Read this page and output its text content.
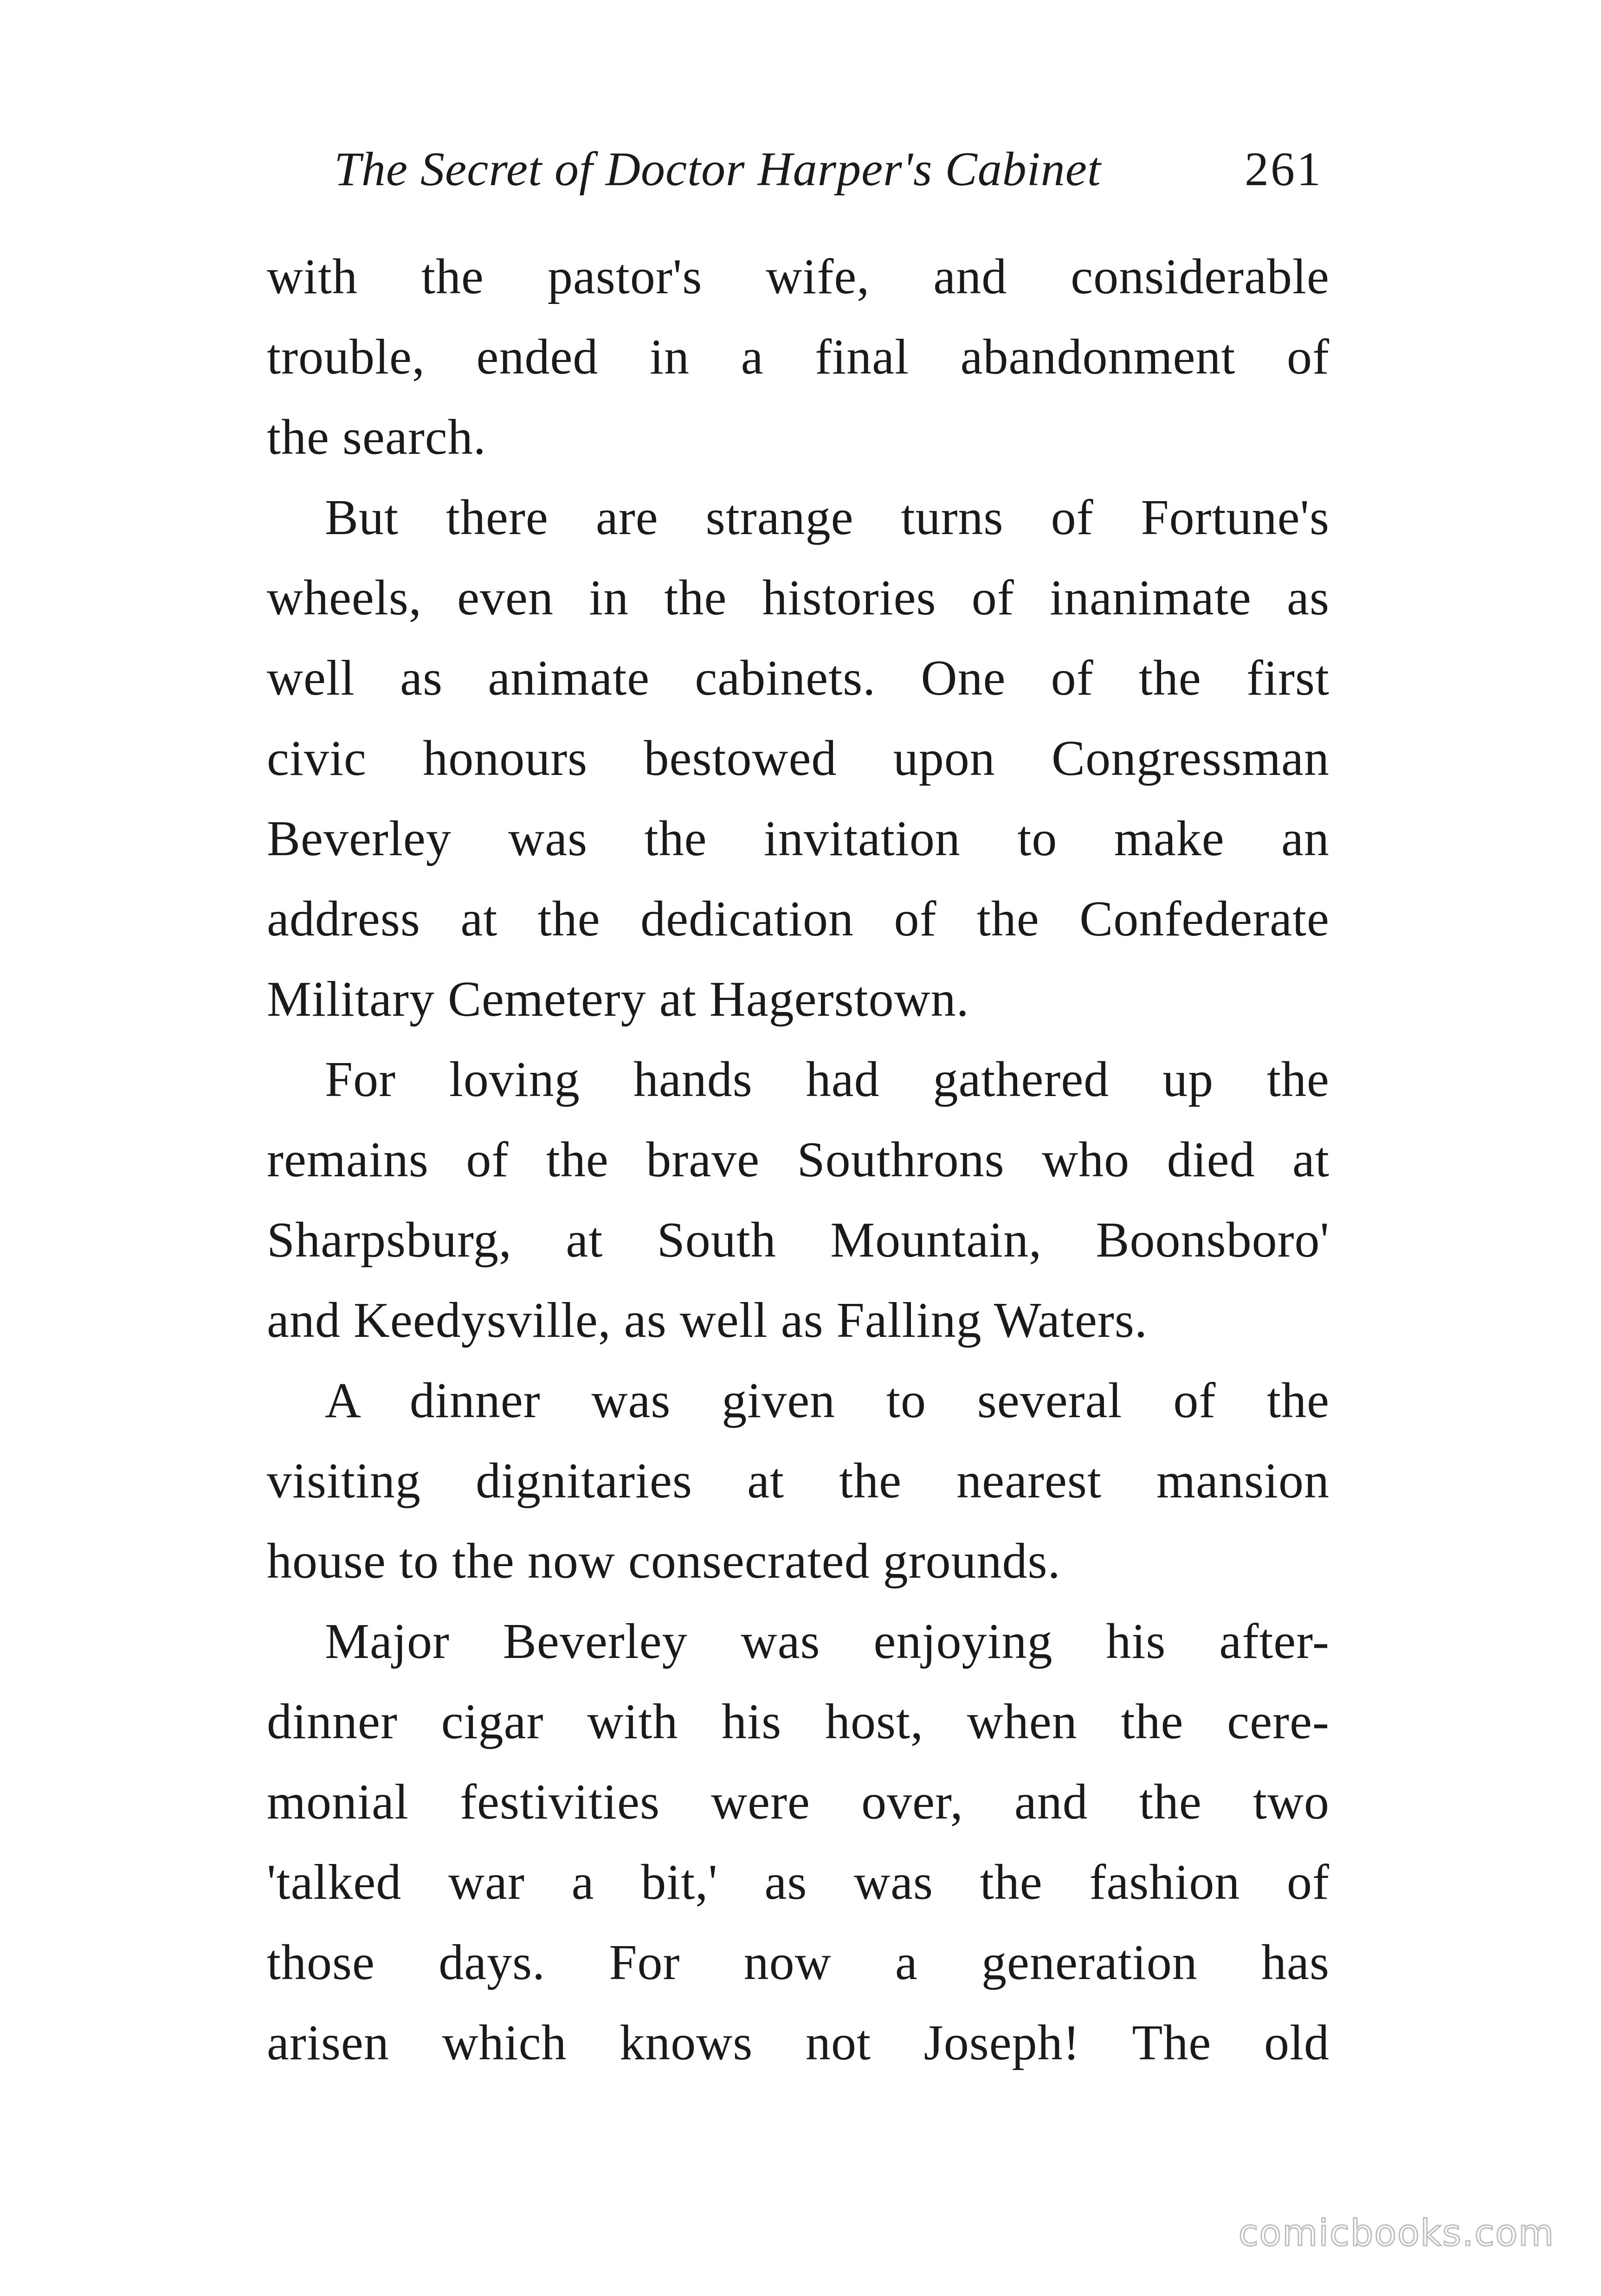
The Secret of Doctor Harper's Cabinet	261
with the pastor's wife, and considerable
trouble, ended in a final abandonment of
the search.
But there are strange turns of Fortune's
wheels, even in the histories of inanimate as
well as animate cabinets. One of the first
civic honours bestowed upon Congressman
Beverley was the invitation to make an
address at the dedication of the Confederate
Military Cemetery at Hagerstown.
For loving hands had gathered up the
remains of the brave Southrons who died at
Sharpsburg, at South Mountain, Boonsboro'
and Keedysville, as well as Falling Waters.
A dinner was given to several of the
visiting dignitaries at the nearest mansion
house to the now consecrated grounds.
Major Beverley was enjoying his after-
dinner cigar with his host, when the cere-
monial festivities were over, and the two
'talked war a bit,' as was the fashion of
those days. For now a generation has
arisen which knows not Joseph! The old
comicbooks.com
